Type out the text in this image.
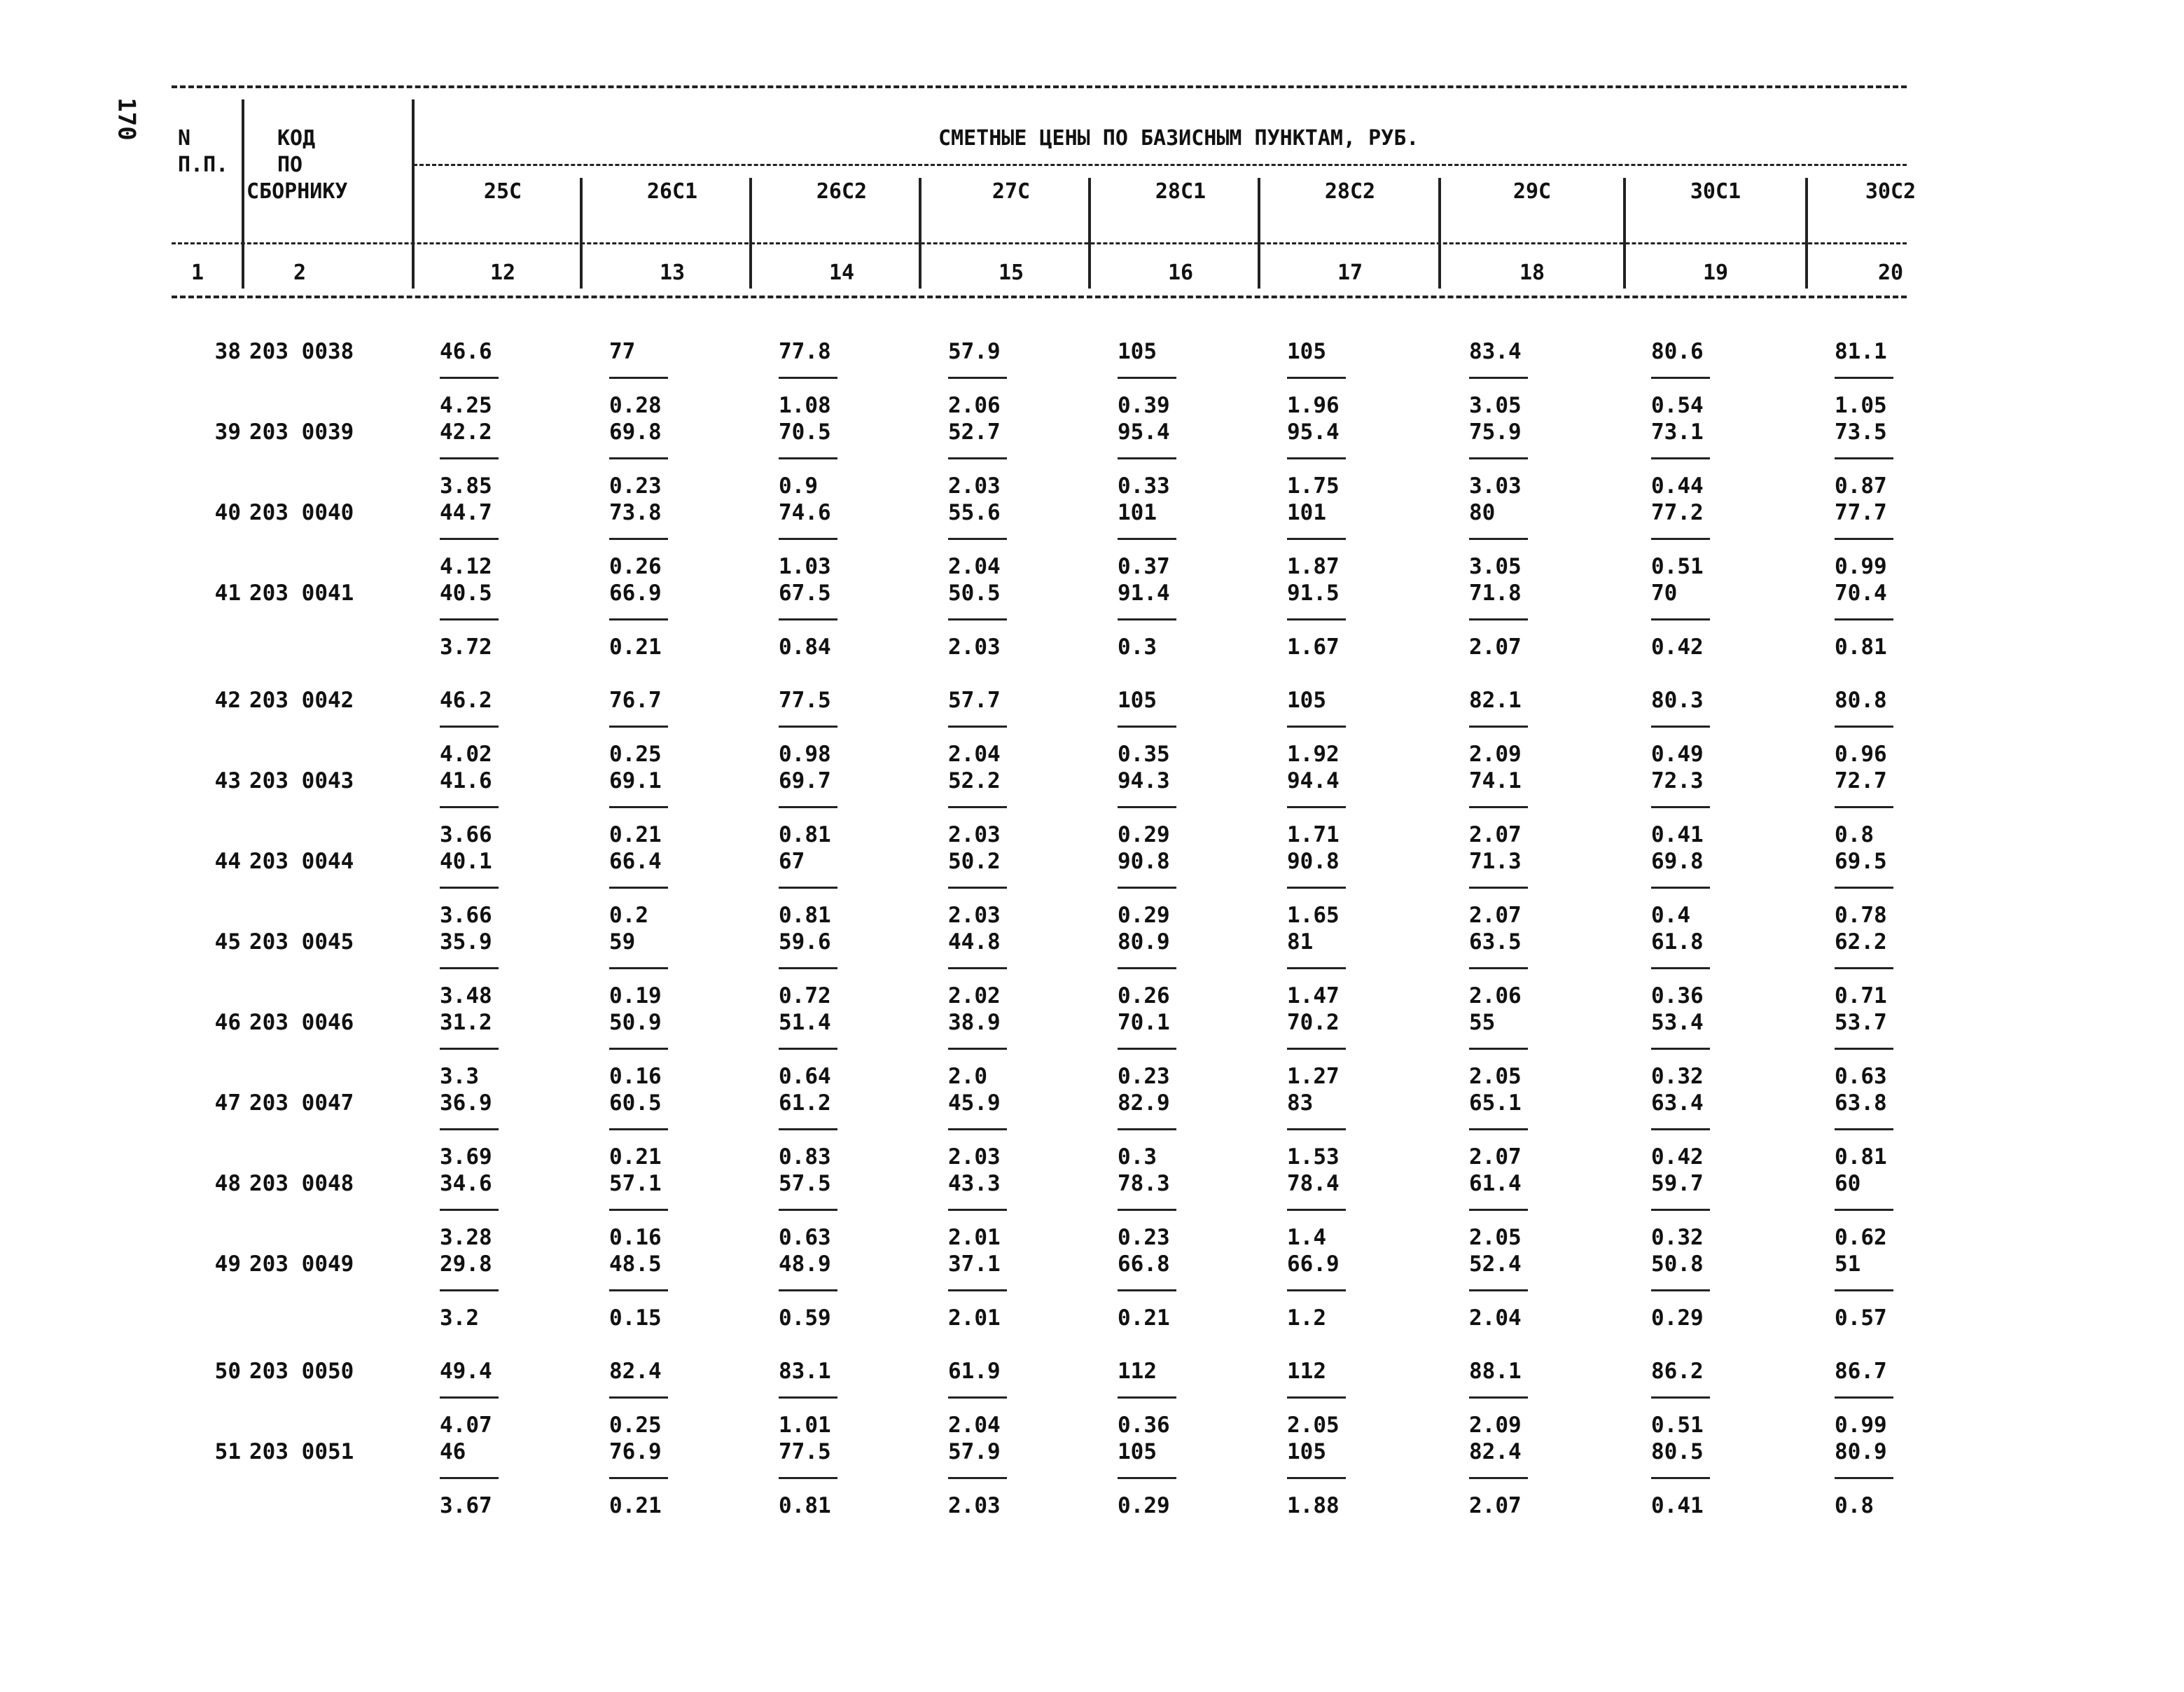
170 N
П.П.
КОД
ПО
СБОРНИКУ
СМЕТНЫЕ ЦЕНЫ ПО БАЗИСНЫМ ПУНКТАМ, РУБ.
25С	26С1	26С2	27С	28С1	28С2	29С	30С1	30С2
1	2	12	13	14	15	16	17	18	19	20
38 203 0038	46.6	77	77.8	57.9	105	105	83.4	80.6	81.1
4.25	0.28	1.08	2.06	0.39	1.96	3.05	0.54	1.05
39 203 0039	42.2	69.8	70.5	52.7	95.4	95.4	75.9	73.1	73.5
3.85	0.23	0.9	2.03	0.33	1.75	3.03	0.44	0.87
40 203 0040	44.7	73.8	74.6	55.6	101	101	80	77.2	77.7
4.12	0.26	1.03	2.04	0.37	1.87	3.05	0.51	0.99
41 203 0041	40.5	66.9	67.5	50.5	91.4	91.5	71.8	70	70.4
3.72	0.21	0.84	2.03	0.3	1.67	2.07	0.42	0.81
42 203 0042	46.2	76.7	77.5	57.7	105	105	82.1	80.3	80.8
4.02	0.25	0.98	2.04	0.35	1.92	2.09	0.49	0.96
43 203 0043	41.6	69.1	69.7	52.2	94.3	94.4	74.1	72.3	72.7
3.66	0.21	0.81	2.03	0.29	1.71	2.07	0.41	0.8
44 203 0044	40.1	66.4	67	50.2	90.8	90.8	71.3	69.8	69.5
3.66	0.2	0.81	2.03	0.29	1.65	2.07	0.4	0.78
45 203 0045	35.9	59	59.6	44.8	80.9	81	63.5	61.8	62.2
3.48	0.19	0.72	2.02	0.26	1.47	2.06	0.36	0.71
46 203 0046	31.2	50.9	51.4	38.9	70.1	70.2	55	53.4	53.7
3.3	0.16	0.64	2.0	0.23	1.27	2.05	0.32	0.63
47 203 0047	36.9	60.5	61.2	45.9	82.9	83	65.1	63.4	63.8
3.69	0.21	0.83	2.03	0.3	1.53	2.07	0.42	0.81
48 203 0048	34.6	57.1	57.5	43.3	78.3	78.4	61.4	59.7	60
3.28	0.16	0.63	2.01	0.23	1.4	2.05	0.32	0.62
49 203 0049	29.8	48.5	48.9	37.1	66.8	66.9	52.4	50.8	51
3.2	0.15	0.59	2.01	0.21	1.2	2.04	0.29	0.57
50 203 0050	49.4	82.4	83.1	61.9	112	112	88.1	86.2	86.7
4.07	0.25	1.01	2.04	0.36	2.05	2.09	0.51	0.99
51 203 0051	46	76.9	77.5	57.9	105	105	82.4	80.5	80.9
3.67	0.21	0.81	2.03	0.29	1.88	2.07	0.41	0.8
